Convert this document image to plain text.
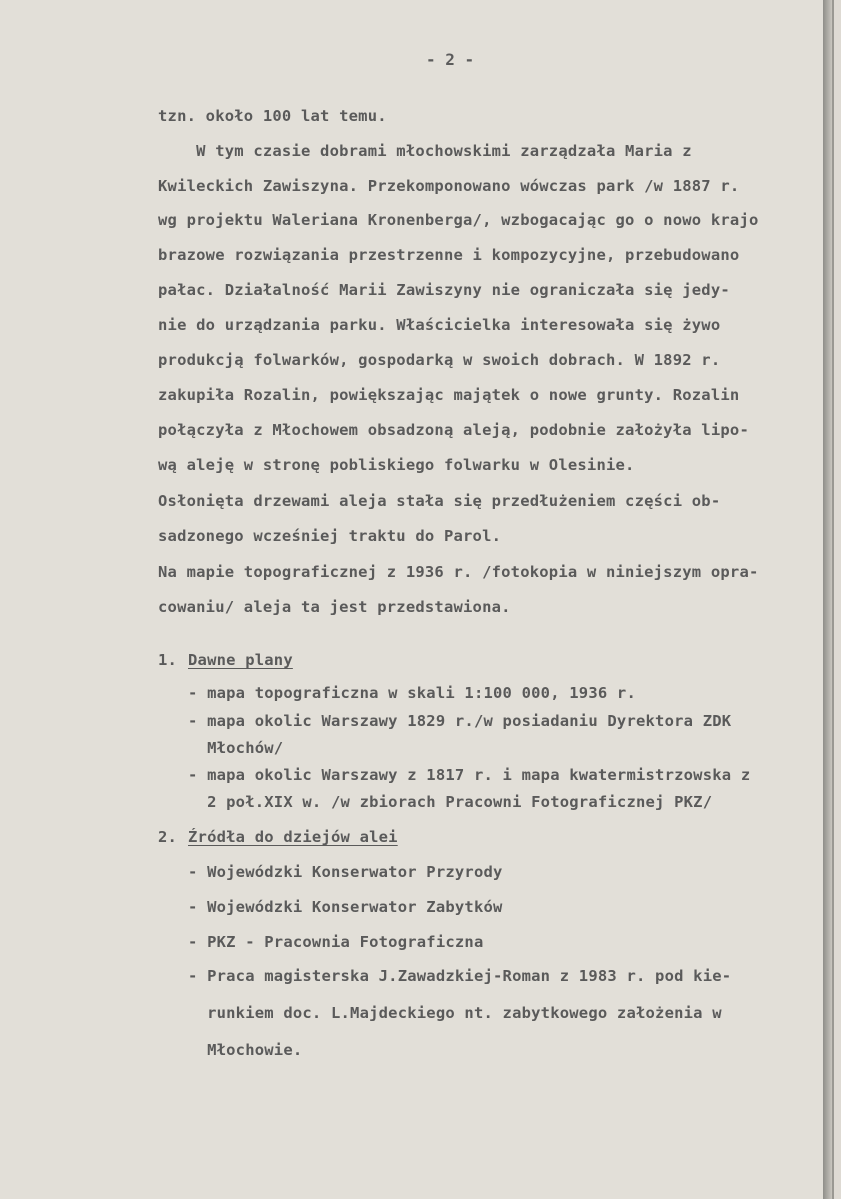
- 2 -
tzn. około 100 lat temu.
W tym czasie dobrami młochowskimi zarządzała Maria z
Kwileckich Zawiszyna. Przekomponowano wówczas park /w 1887 r.
wg projektu Waleriana Kronenberga/, wzbogacając go o nowo krajo
brazowe rozwiązania przestrzenne i kompozycyjne, przebudowano
pałac. Działalność Marii Zawiszyny nie ograniczała się jedy-
nie do urządzania parku. Właścicielka interesowała się żywo
produkcją folwarków, gospodarką w swoich dobrach. W 1892 r.
zakupiła Rozalin, powiększając majątek o nowe grunty. Rozalin
połączyła z Młochowem obsadzoną aleją, podobnie założyła lipo-
wą aleję w stronę pobliskiego folwarku w Olesinie.
Osłonięta drzewami aleja stała się przedłużeniem części ob-
sadzonego wcześniej traktu do Parol.
Na mapie topograficznej z 1936 r. /fotokopia w niniejszym opra-
cowaniu/ aleja ta jest przedstawiona.
1. Dawne plany
- mapa topograficzna w skali 1:100 000, 1936 r.
- mapa okolic Warszawy 1829 r./w posiadaniu Dyrektora ZDK
Młochów/
- mapa okolic Warszawy z 1817 r. i mapa kwatermistrzowska z
2 poł.XIX w. /w zbiorach Pracowni Fotograficznej PKZ/
2. Źródła do dziejów alei
- Wojewódzki Konserwator Przyrody
- Wojewódzki Konserwator Zabytków
- PKZ - Pracownia Fotograficzna
- Praca magisterska J.Zawadzkiej-Roman z 1983 r. pod kie-
runkiem doc. L.Majdeckiego nt. zabytkowego założenia w
Młochowie.
